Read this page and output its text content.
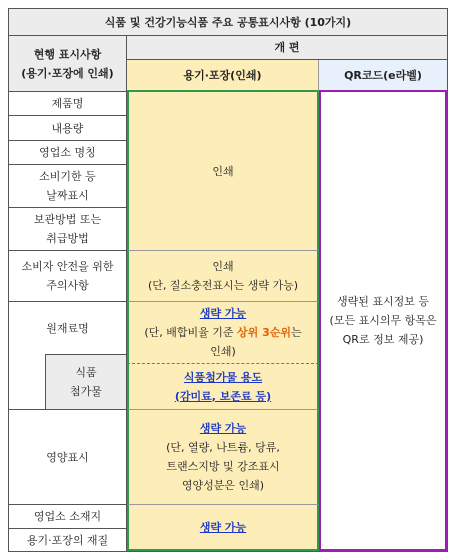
식품 및 건강기능식품 주요 공통표시사항 (10가지)
현행 표시사항
(용기·포장에 인쇄)
개 편
용기·포장(인쇄)	QR코드(e라벨)
제품명
내용량
영업소 명칭
소비기한 등
날짜표시
보관방법 또는
취급방법
소비자 안전을 위한
주의사항
원재료명
식품
첨가물
영양표시
영업소 소재지
용기·포장의 재질
인쇄
인쇄
(단, 질소충전표시는 생략 가능)
생략 가능
(단, 배합비율 기준 상위 3순위는
인쇄)
식품첨가물 용도
(감미료, 보존료 등)
생략 가능
(단, 열량, 나트륨, 당류,
트랜스지방 및 강조표시
영양성분은 인쇄)
생략 가능
생략된 표시정보 등
(모든 표시의무 항목은
QR로 정보 제공)
